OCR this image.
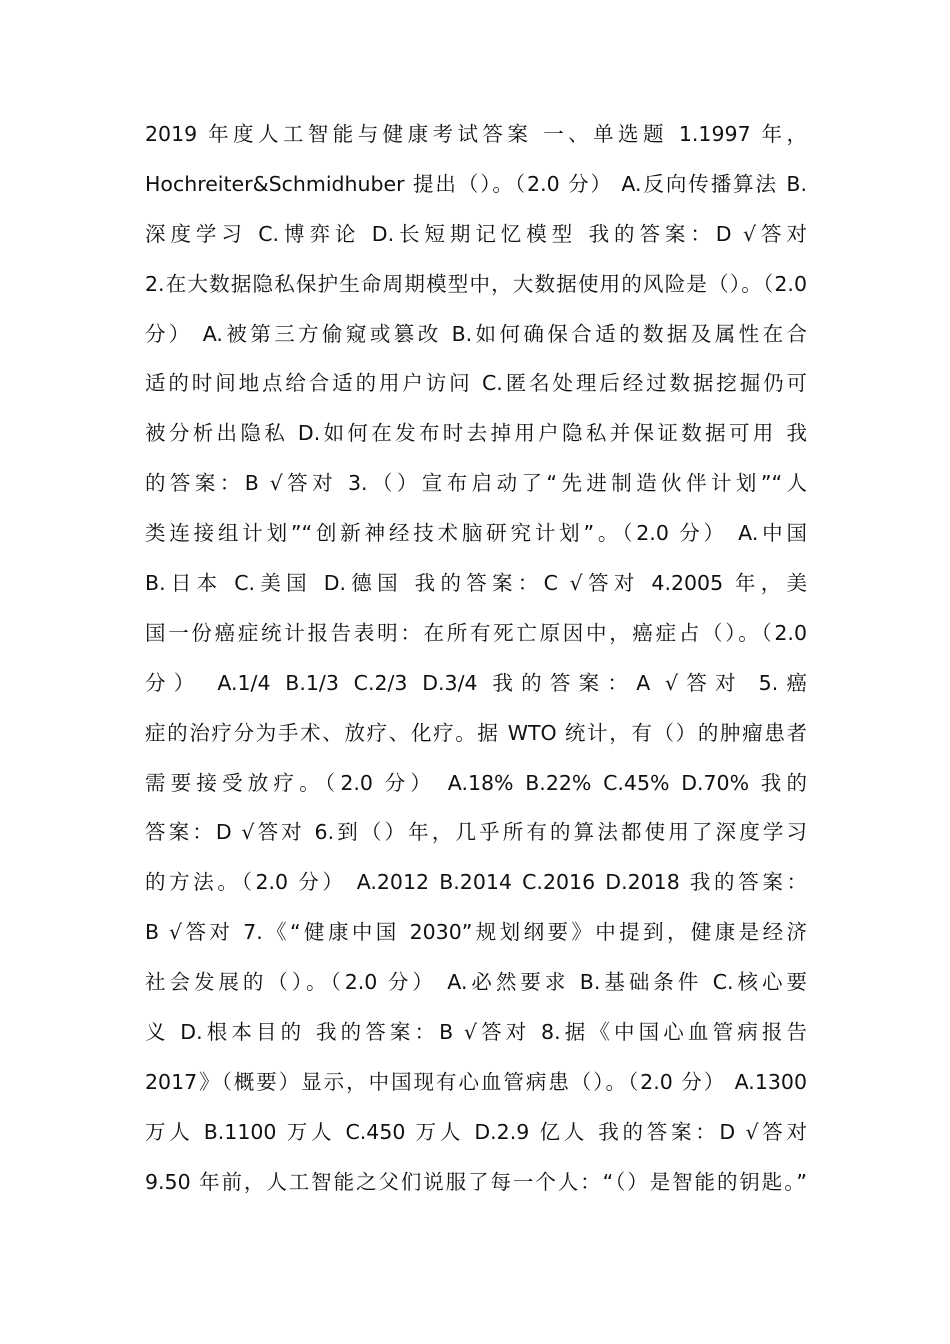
2019 年度人工智能与健康考试答案 一、单选题 1.1997 年，
Hochreiter&Schmidhuber 提出（）。（2.0 分） A.反向传播算法 B.
深度学习 C.博弈论 D.长短期记忆模型 我的答案：D √答对
2.在大数据隐私保护生命周期模型中，大数据使用的风险是（）。（2.0
分） A.被第三方偷窥或篡改 B.如何确保合适的数据及属性在合
适的时间地点给合适的用户访问 C.匿名处理后经过数据挖掘仍可
被分析出隐私 D.如何在发布时去掉用户隐私并保证数据可用 我
的答案：B √答对 3.（）宣布启动了“先进制造伙伴计划”“人
类连接组计划”“创新神经技术脑研究计划”。（2.0 分） A.中国
B.日本 C.美国 D.德国 我的答案：C √答对 4.2005 年，美
国一份癌症统计报告表明：在所有死亡原因中，癌症占（）。（2.0
分） A.1/4 B.1/3 C.2/3 D.3/4 我的答案：A √答对 5.癌
症的治疗分为手术、放疗、化疗。据 WTO 统计，有（）的肿瘤患者
需要接受放疗。（2.0 分） A.18% B.22% C.45% D.70% 我的
答案：D √答对 6.到（）年，几乎所有的算法都使用了深度学习
的方法。（2.0 分） A.2012 B.2014 C.2016 D.2018 我的答案：
B √答对 7.《“健康中国 2030”规划纲要》中提到，健康是经济
社会发展的（）。（2.0 分） A.必然要求 B.基础条件 C.核心要
义 D.根本目的 我的答案：B √答对 8.据《中国心血管病报告
2017》（概要）显示，中国现有心血管病患（）。（2.0 分） A.1300
万人 B.1100 万人 C.450 万人 D.2.9 亿人 我的答案：D √答对
9.50 年前，人工智能之父们说服了每一个人：“（）是智能的钥匙。”
